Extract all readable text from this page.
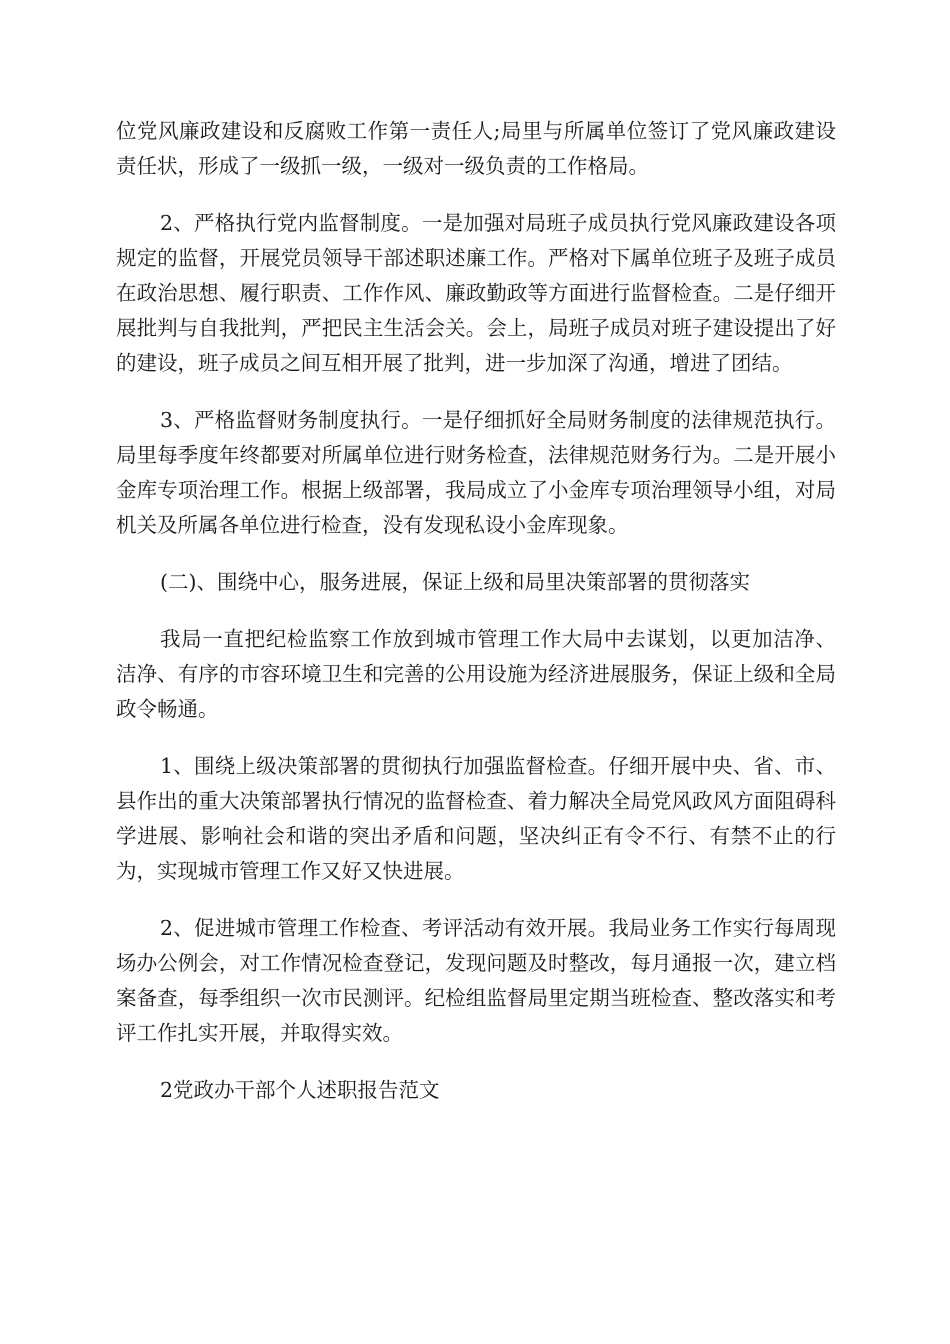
位党风廉政建设和反腐败工作第一责任人;局里与所属单位签订了党风廉政建设责任状，形成了一级抓一级，一级对一级负责的工作格局。

2、严格执行党内监督制度。一是加强对局班子成员执行党风廉政建设各项规定的监督，开展党员领导干部述职述廉工作。严格对下属单位班子及班子成员在政治思想、履行职责、工作作风、廉政勤政等方面进行监督检查。二是仔细开展批判与自我批判，严把民主生活会关。会上，局班子成员对班子建设提出了好的建设，班子成员之间互相开展了批判，进一步加深了沟通，增进了团结。

3、严格监督财务制度执行。一是仔细抓好全局财务制度的法律规范执行。局里每季度年终都要对所属单位进行财务检查，法律规范财务行为。二是开展小金库专项治理工作。根据上级部署，我局成立了小金库专项治理领导小组，对局机关及所属各单位进行检查，没有发现私设小金库现象。

(二)、围绕中心，服务进展，保证上级和局里决策部署的贯彻落实

我局一直把纪检监察工作放到城市管理工作大局中去谋划，以更加洁净、洁净、有序的市容环境卫生和完善的公用设施为经济进展服务，保证上级和全局政令畅通。

1、围绕上级决策部署的贯彻执行加强监督检查。仔细开展中央、省、市、县作出的重大决策部署执行情况的监督检查、着力解决全局党风政风方面阻碍科学进展、影响社会和谐的突出矛盾和问题，坚决纠正有令不行、有禁不止的行为，实现城市管理工作又好又快进展。

2、促进城市管理工作检查、考评活动有效开展。我局业务工作实行每周现场办公例会，对工作情况检查登记，发现问题及时整改，每月通报一次，建立档案备查，每季组织一次市民测评。纪检组监督局里定期当班检查、整改落实和考评工作扎实开展，并取得实效。

2党政办干部个人述职报告范文
